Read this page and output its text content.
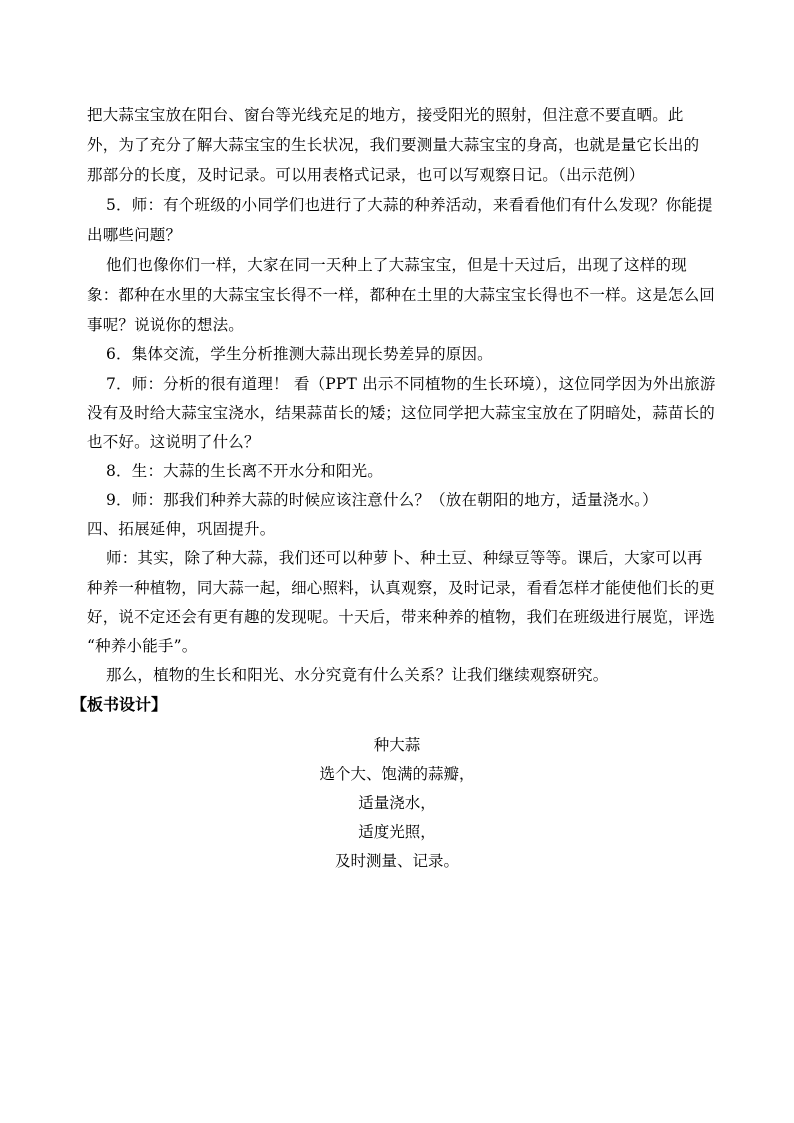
把大蒜宝宝放在阳台、窗台等光线充足的地方，接受阳光的照射，但注意不要直晒。此
外，为了充分了解大蒜宝宝的生长状况，我们要测量大蒜宝宝的身高，也就是量它长出的
那部分的长度，及时记录。可以用表格式记录，也可以写观察日记。（出示范例）
5．师：有个班级的小同学们也进行了大蒜的种养活动，来看看他们有什么发现？你能提
出哪些问题？
他们也像你们一样，大家在同一天种上了大蒜宝宝，但是十天过后，出现了这样的现
象：都种在水里的大蒜宝宝长得不一样，都种在土里的大蒜宝宝长得也不一样。这是怎么回
事呢？说说你的想法。
6．集体交流，学生分析推测大蒜出现长势差异的原因。
7．师：分析的很有道理！ 看（PPT 出示不同植物的生长环境），这位同学因为外出旅游
没有及时给大蒜宝宝浇水，结果蒜苗长的矮；这位同学把大蒜宝宝放在了阴暗处，蒜苗长的
也不好。这说明了什么？
8．生：大蒜的生长离不开水分和阳光。
9．师：那我们种养大蒜的时候应该注意什么？（放在朝阳的地方，适量浇水。）
四、拓展延伸，巩固提升。
师：其实，除了种大蒜，我们还可以种萝卜、种土豆、种绿豆等等。课后，大家可以再
种养一种植物，同大蒜一起，细心照料，认真观察，及时记录，看看怎样才能使他们长的更
好，说不定还会有更有趣的发现呢。十天后，带来种养的植物，我们在班级进行展览，评选
“种养小能手”。
那么，植物的生长和阳光、水分究竟有什么关系？让我们继续观察研究。
【板书设计】
种大蒜
选个大、饱满的蒜瓣，
适量浇水，
适度光照，
及时测量、记录。
